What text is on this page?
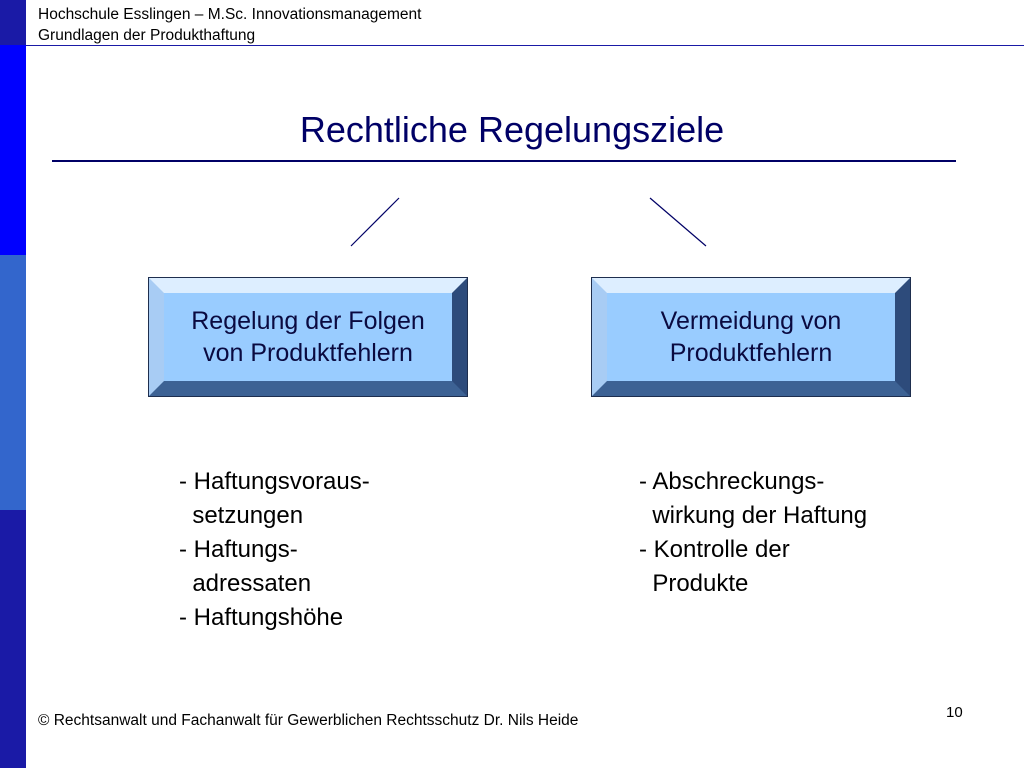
Hochschule Esslingen – M.Sc. Innovationsmanagement
Grundlagen der Produkthaftung
Rechtliche Regelungsziele
Regelung der Folgen
von Produktfehlern
Vermeidung von
Produktfehlern
- Haftungsvoraus-
setzungen
- Haftungs-
adressaten
- Haftungshöhe
- Abschreckungs-
wirkung der Haftung
- Kontrolle der
Produkte
© Rechtsanwalt und Fachanwalt für Gewerblichen Rechtsschutz Dr. Nils Heide	10
